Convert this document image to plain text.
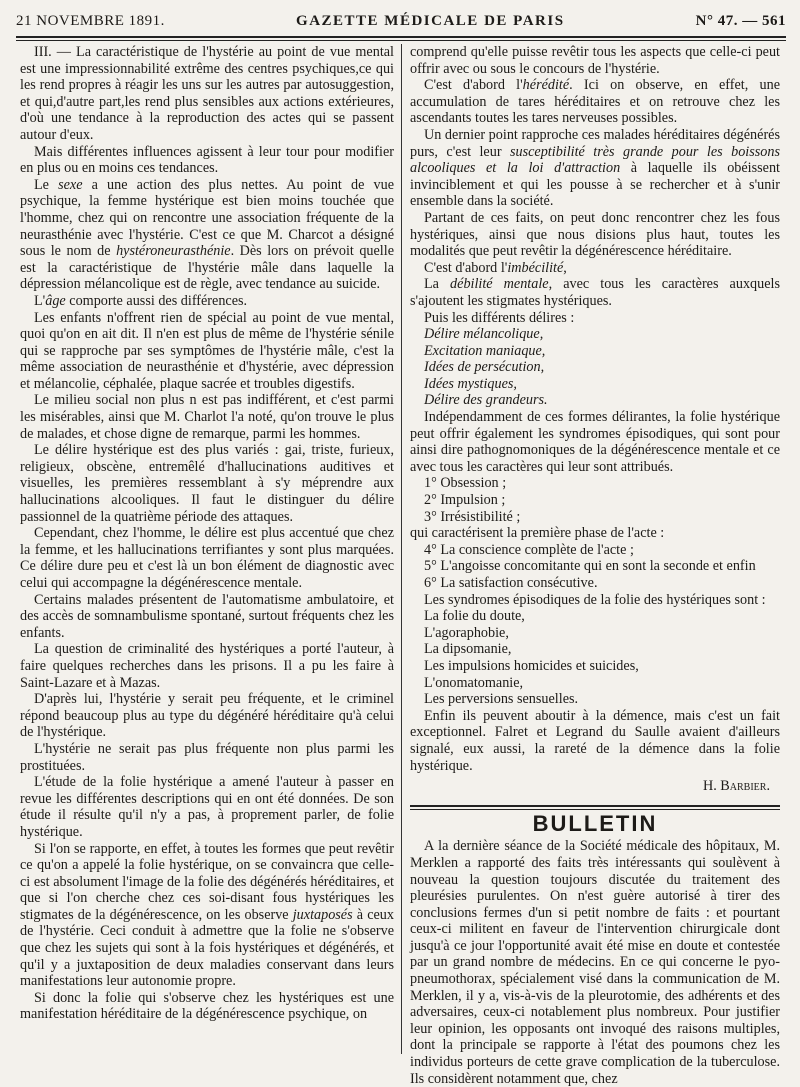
21 NOVEMBRE 1891.	GAZETTE MÉDICALE DE PARIS	N° 47. — 561

III. — La caractéristique de l'hystérie au point de vue mental est une impressionnabilité extrême des centres psychiques,ce qui les rend propres à réagir les uns sur les autres par autosuggestion, et qui,d'autre part,les rend plus sensibles aux actions extérieures, d'où une tendance à la reproduction des actes qui se passent autour d'eux.

Mais différentes influences agissent à leur tour pour modifier en plus ou en moins ces tendances.

Le sexe a une action des plus nettes. Au point de vue psychique, la femme hystérique est bien moins touchée que l'homme, chez qui on rencontre une association fréquente de la neurasthénie avec l'hystérie. C'est ce que M. Charcot a désigné sous le nom de hystéroneurasthénie. Dès lors on prévoit quelle est la caractéristique de l'hystérie mâle dans laquelle la dépression mélancolique est de règle, avec tendance au suicide.

L'âge comporte aussi des différences.

Les enfants n'offrent rien de spécial au point de vue mental, quoi qu'on en ait dit. Il n'en est plus de même de l'hystérie sénile qui se rapproche par ses symptômes de l'hystérie mâle, c'est la même association de neurasthénie et d'hystérie, avec dépression et mélancolie, céphalée, plaque sacrée et troubles digestifs.

Le milieu social non plus n est pas indifférent, et c'est parmi les misérables, ainsi que M. Charlot l'a noté, qu'on trouve le plus de malades, et chose digne de remarque, parmi les hommes.

Le délire hystérique est des plus variés : gai, triste, furieux, religieux, obscène, entremêlé d'hallucinations auditives et visuelles, les premières ressemblant à s'y méprendre aux hallucinations alcooliques. Il faut le distinguer du délire passionnel de la quatrième période des attaques.

Cependant, chez l'homme, le délire est plus accentué que chez la femme, et les hallucinations terrifiantes y sont plus marquées. Ce délire dure peu et c'est là un bon élément de diagnostic avec celui qui accompagne la dégénérescence mentale.

Certains malades présentent de l'automatisme ambulatoire, et des accès de somnambulisme spontané, surtout fréquents chez les enfants.

La question de criminalité des hystériques a porté l'auteur, à faire quelques recherches dans les prisons. Il a pu les faire à Saint-Lazare et à Mazas.

D'après lui, l'hystérie y serait peu fréquente, et le criminel répond beaucoup plus au type du dégénéré héréditaire qu'à celui de l'hystérique.

L'hystérie ne serait pas plus fréquente non plus parmi les prostituées.

L'étude de la folie hystérique a amené l'auteur à passer en revue les différentes descriptions qui en ont été données. De son étude il résulte qu'il n'y a pas, à proprement parler, de folie hystérique.

Si l'on se rapporte, en effet, à toutes les formes que peut revêtir ce qu'on a appelé la folie hystérique, on se convaincra que celle-ci est absolument l'image de la folie des dégénérés héréditaires, et que si l'on cherche chez ces soi-disant fous hystériques les stigmates de la dégénérescence, on les observe juxtaposés à ceux de l'hystérie. Ceci conduit à admettre que la folie ne s'observe que chez les sujets qui sont à la fois hystériques et dégénérés, et qu'il y a juxtaposition de deux maladies conservant dans leurs manifestations leur autonomie propre.

Si donc la folie qui s'observe chez les hystériques est une manifestation héréditaire de la dégénérescence psychique, on

comprend qu'elle puisse revêtir tous les aspects que celle-ci peut offrir avec ou sous le concours de l'hystérie.

C'est d'abord l'hérédité. Ici on observe, en effet, une accumulation de tares héréditaires et on retrouve chez les ascendants toutes les tares nerveuses possibles.

Un dernier point rapproche ces malades héréditaires dégénérés purs, c'est leur susceptibilité très grande pour les boissons alcooliques et la loi d'attraction à laquelle ils obéissent invinciblement et qui les pousse à se rechercher et à s'unir ensemble dans la société.

Partant de ces faits, on peut donc rencontrer chez les fous hystériques, ainsi que nous disions plus haut, toutes les modalités que peut revêtir la dégénérescence héréditaire.

C'est d'abord l'imbécilité,

La débilité mentale, avec tous les caractères auxquels s'ajoutent les stigmates hystériques.

Puis les différents délires :

Délire mélancolique,

Excitation maniaque,

Idées de persécution,

Idées mystiques,

Délire des grandeurs.

Indépendamment de ces formes délirantes, la folie hystérique peut offrir également les syndromes épisodiques, qui sont pour ainsi dire pathognomoniques de la dégénérescence mentale et ce avec tous les caractères qui leur sont attribués.

1° Obsession ;

2° Impulsion ;

3° Irrésistibilité ;

qui caractérisent la première phase de l'acte :

4° La conscience complète de l'acte ;

5° L'angoisse concomitante qui en sont la seconde et enfin

6° La satisfaction consécutive.

Les syndromes épisodiques de la folie des hystériques sont :

La folie du doute,

L'agoraphobie,

La dipsomanie,

Les impulsions homicides et suicides,

L'onomatomanie,

Les perversions sensuelles.

Enfin ils peuvent aboutir à la démence, mais c'est un fait exceptionnel. Falret et Legrand du Saulle avaient d'ailleurs signalé, eux aussi, la rareté de la démence dans la folie hystérique.

H. Barbier.

BULLETIN

A la dernière séance de la Société médicale des hôpitaux, M. Merklen a rapporté des faits très intéressants qui soulèvent à nouveau la question toujours discutée du traitement des pleurésies purulentes. On n'est guère autorisé à tirer des conclusions fermes d'un si petit nombre de faits : et pourtant ceux-ci militent en faveur de l'intervention chirurgicale dont jusqu'à ce jour l'opportunité avait été mise en doute et contestée par un grand nombre de médecins. En ce qui concerne le pyo-pneumothorax, spécialement visé dans la communication de M. Merklen, il y a, vis-à-vis de la pleurotomie, des adhérents et des adversaires, ceux-ci notablement plus nombreux. Pour justifier leur opinion, les opposants ont invoqué des raisons multiples, dont la principale se rapporte à l'état des poumons chez les individus porteurs de cette grave complication de la tuberculose. Ils considèrent notamment que, chez
